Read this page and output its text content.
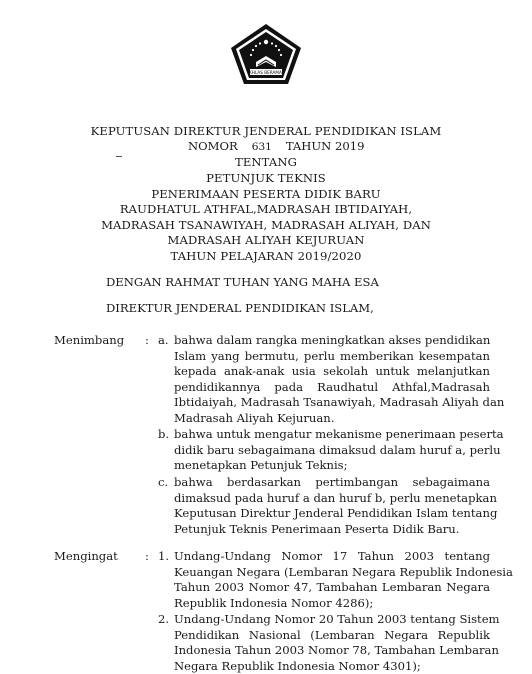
IKHLAS BERAMAL
KEPUTUSAN DIREKTUR JENDERAL PENDIDIKAN ISLAM
NOMOR 631 TAHUN 2019
TENTANG
PETUNJUK TEKNIS
PENERIMAAN PESERTA DIDIK BARU
RAUDHATUL ATHFAL,MADRASAH IBTIDAIYAH,
MADRASAH TSANAWIYAH, MADRASAH ALIYAH, DAN
MADRASAH ALIYAH KEJURUAN
TAHUN PELAJARAN 2019/2020
DENGAN RAHMAT TUHAN YANG MAHA ESA
DIREKTUR JENDERAL PENDIDIKAN ISLAM,
Menimbang : a. bahwa dalam rangka meningkatkan akses pendidikan
Islam yang bermutu, perlu memberikan kesempatan
kepada anak-anak usia sekolah untuk melanjutkan
pendidikannya pada Raudhatul Athfal,Madrasah
Ibtidaiyah, Madrasah Tsanawiyah, Madrasah Aliyah dan
Madrasah Aliyah Kejuruan.
b. bahwa untuk mengatur mekanisme penerimaan peserta
didik baru sebagaimana dimaksud dalam huruf a, perlu
menetapkan Petunjuk Teknis;
c. bahwa berdasarkan pertimbangan sebagaimana
dimaksud pada huruf a dan huruf b, perlu menetapkan
Keputusan Direktur Jenderal Pendidikan Islam tentang
Petunjuk Teknis Penerimaan Peserta Didik Baru.
Mengingat : 1. Undang-Undang Nomor 17 Tahun 2003 tentang
Keuangan Negara (Lembaran Negara Republik Indonesia
Tahun 2003 Nomor 47, Tambahan Lembaran Negara
Republik Indonesia Nomor 4286);
2. Undang-Undang Nomor 20 Tahun 2003 tentang Sistem
Pendidikan Nasional (Lembaran Negara Republik
Indonesia Tahun 2003 Nomor 78, Tambahan Lembaran
Negara Republik Indonesia Nomor 4301);
